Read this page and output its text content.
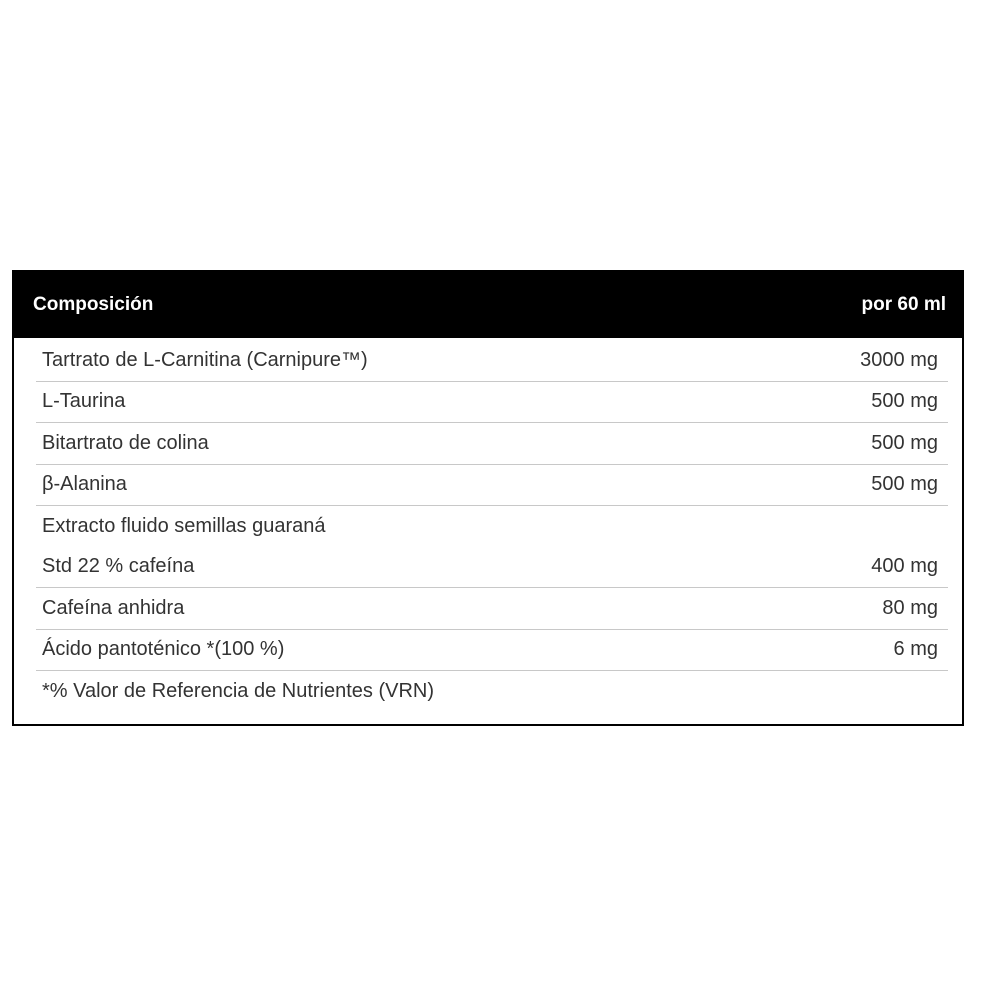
Composición	por 60 ml
Tartrato de L-Carnitina (Carnipure™)	3000 mg
L-Taurina	500 mg
Bitartrato de colina	500 mg
β-Alanina	500 mg
Extracto fluido semillas guaraná
Std 22 % cafeína	400 mg
Cafeína anhidra	80 mg
Ácido pantoténico *(100 %)	6 mg
*% Valor de Referencia de Nutrientes (VRN)
